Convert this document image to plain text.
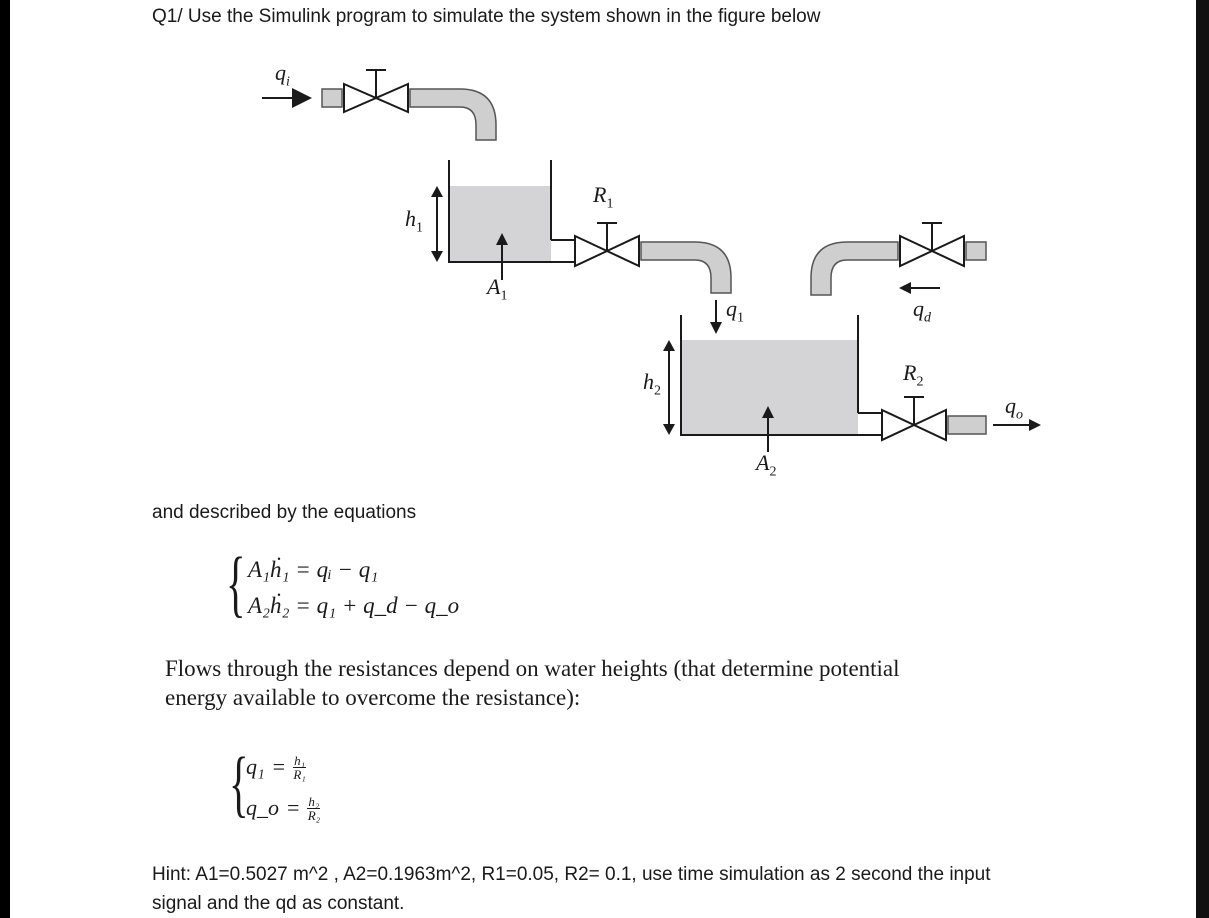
Q1/ Use the Simulink program to simulate the system shown in the figure below
$q_i$
$h_1$
$R_1$
$A_1$
$q_1$	$q_d$
$h_2$
$R_2$
$q_o$
$A_2$
and described by the equations
{ A₁ḣ₁ = qᵢ − q₁
A₂ḣ₂ = q₁ + q_d − q_o
Flows through the resistances depend on water heights (that determine potential
energy available to overcome the resistance):
{
$q_1 = \frac{\text{h₁}}{\text{R₁}}$
q_o = $\frac{\text{h₂}}{\text{R₂}}$
Hint: A1=0.5027 m^2 , A2=0.1963m^2, R1=0.05, R2= 0.1, use time simulation as 2 second the input
signal and the qd as constant.
